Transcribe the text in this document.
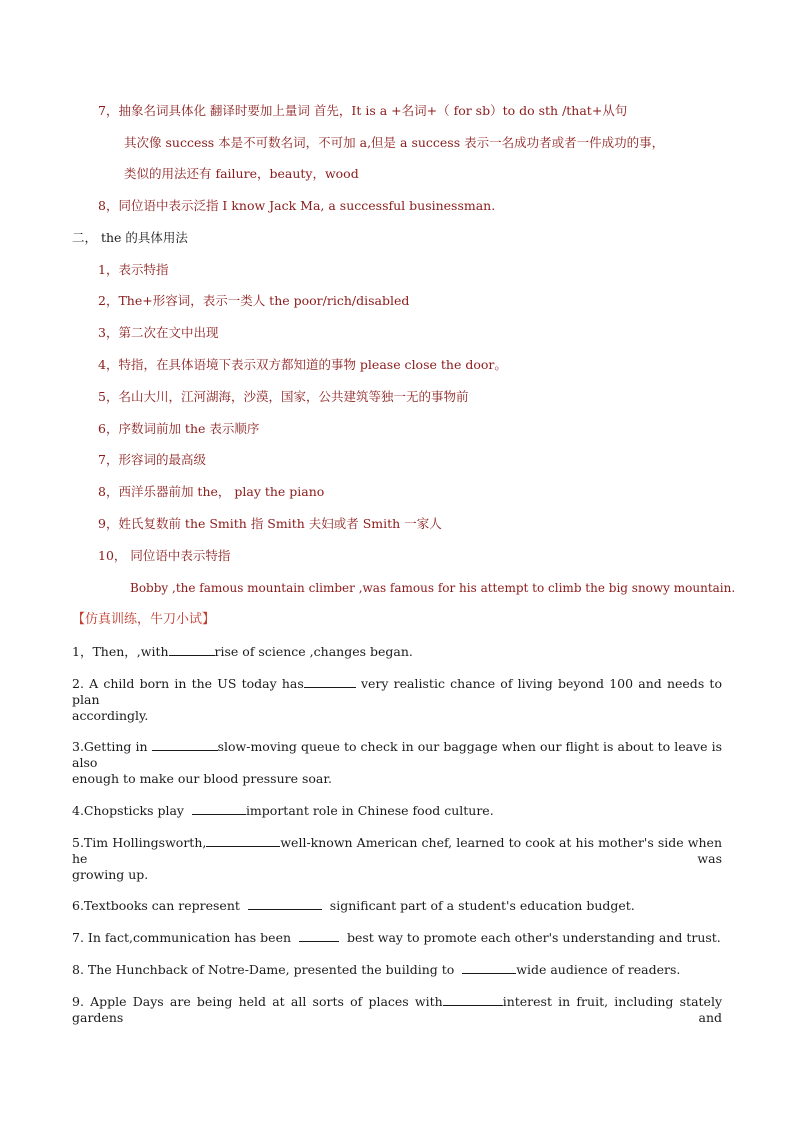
7，抽象名词具体化 翻译时要加上量词 首先，It is a +名词+（ for sb）to do sth /that+从句
其次像 success 本是不可数名词，不可加 a,但是 a success 表示一名成功者或者一件成功的事，
类似的用法还有 failure，beauty，wood
8，同位语中表示泛指 I know Jack Ma, a successful businessman.
二， the 的具体用法
1，表示特指
2，The+形容词，表示一类人 the poor/rich/disabled
3，第二次在文中出现
4，特指，在具体语境下表示双方都知道的事物 please close the door。
5，名山大川，江河湖海，沙漠，国家，公共建筑等独一无的事物前
6，序数词前加 the 表示顺序
7，形容词的最高级
8，西洋乐器前加 the， play the piano
9，姓氏复数前 the Smith 指 Smith 夫妇或者 Smith 一家人
10， 同位语中表示特指
Bobby ,the famous mountain climber ,was famous for his attempt to climb the big snowy mountain.
【仿真训练，牛刀小试】
1，Then，,with	rise of science ,changes began.
2. A child born in the US today has	very realistic chance of living beyond 100 and needs to plan
accordingly.
3.Getting in	slow-moving queue to check in our baggage when our flight is about to leave is also
enough to make our blood pressure soar.
4.Chopsticks play	important role in Chinese food culture.
5.Tim Hollingsworth,	well-known American chef, learned to cook at his mother's side when he was
growing up.
6.Textbooks can represent	significant part of a student's education budget.
7. In fact,communication has been	best way to promote each other's understanding and trust.
8. The Hunchback of Notre-Dame, presented the building to	wide audience of readers.
9. Apple Days are being held at all sorts of places with	interest in fruit, including stately gardens and
